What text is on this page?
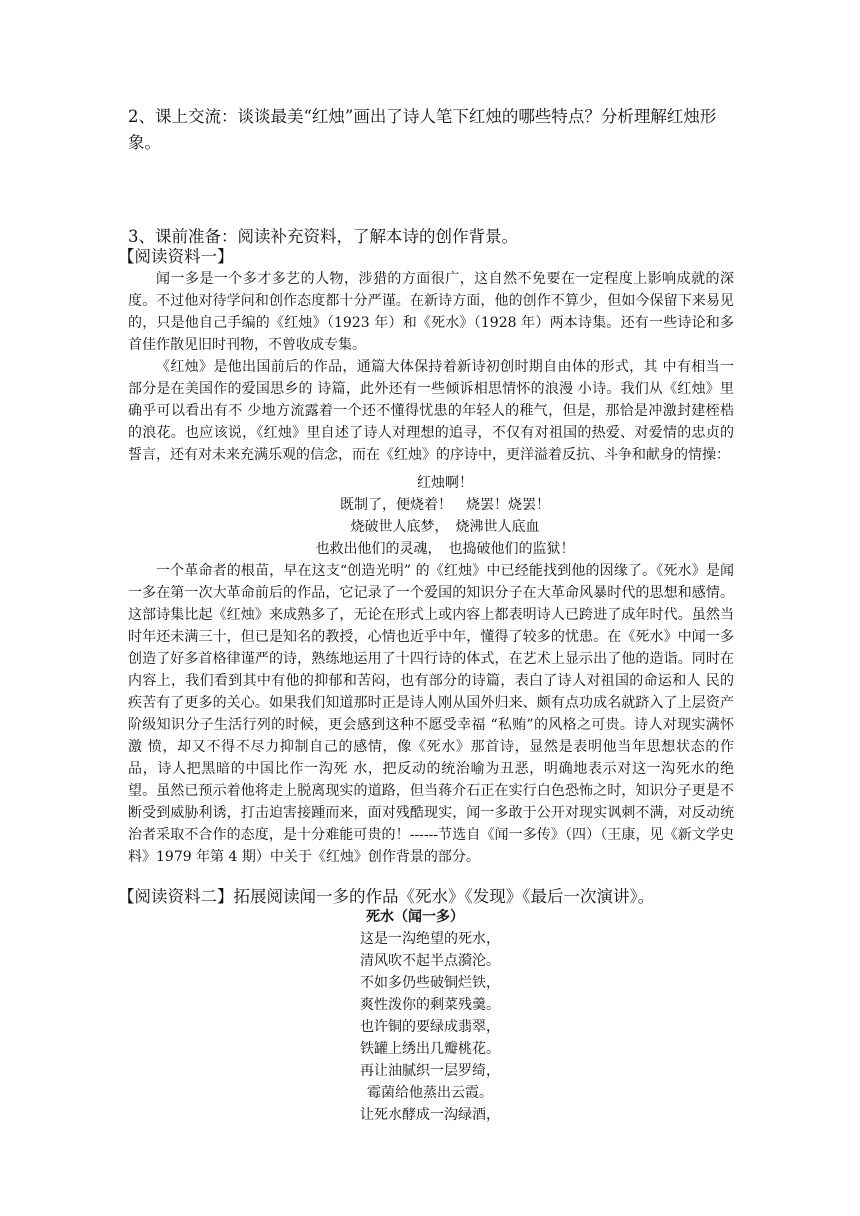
2、课上交流：谈谈最美“红烛”画出了诗人笔下红烛的哪些特点？分析理解红烛形象。
3、课前准备：阅读补充资料，了解本诗的创作背景。
【阅读资料一】

闻一多是一个多才多艺的人物，涉猎的方面很广，这自然不免要在一定程度上影响成就的深度。不过他对待学问和创作态度都十分严谨。在新诗方面，他的创作不算少，但如今保留下来易见的，只是他自己手编的《红烛》（1923 年）和《死水》（1928 年）两本诗集。还有一些诗论和多首佳作散见旧时刊物，不曾收成专集。

《红烛》是他出国前后的作品，通篇大体保持着新诗初创时期自由体的形式，其 中有相当一部分是在美国作的爱国思乡的 诗篇，此外还有一些倾诉相思情怀的浪漫 小诗。我们从《红烛》里确乎可以看出有不 少地方流露着一个还不懂得忧患的年轻人的稚气，但是，那恰是冲激封建桎梏的浪花。也应该说，《红烛》里自述了诗人对理想的追寻，不仅有对祖国的热爱、对爱情的忠贞的誓言，还有对未来充满乐观的信念，而在《红烛》的序诗中，更洋溢着反抗、斗争和献身的情操：

红烛啊！
既制了，便烧着！　烧罢！烧罢！
烧破世人底梦，　烧沸世人底血
也救出他们的灵魂，　也捣破他们的监狱！

一个革命者的根苗，早在这支“创造光明” 的《红烛》中已经能找到他的因缘了。《死水》是闻一多在第一次大革命前后的作品，它记录了一个爱国的知识分子在大革命风暴时代的思想和感情。这部诗集比起《红烛》来成熟多了，无论在形式上或内容上都表明诗人已跨进了成年时代。虽然当时年还未满三十，但已是知名的教授，心情也近乎中年，懂得了较多的忧患。在《死水》中闻一多创造了好多首格律谨严的诗，熟练地运用了十四行诗的体式，在艺术上显示出了他的造诣。同时在内容上，我们看到其中有他的抑郁和苦闷，也有部分的诗篇，表白了诗人对祖国的命运和人 民的疾苦有了更多的关心。如果我们知道那时正是诗人刚从国外归来、颇有点功成名就跻入了上层资产阶级知识分子生活行列的时候，更会感到这种不愿受幸福 “私贿”的风格之可贵。诗人对现实满怀激 愤，却又不得不尽力抑制自己的感情，像《死水》那首诗，显然是表明他当年思想状态的作品，诗人把黑暗的中国比作一沟死 水，把反动的统治喻为丑恶，明确地表示对这一沟死水的绝望。虽然已预示着他将走上脱离现实的道路，但当蒋介石正在实行白色恐怖之时，知识分子更是不断受到威胁利诱，打击迫害接踵而来，面对残酷现实，闻一多敢于公开对现实讽刺不满，对反动统治者采取不合作的态度，是十分难能可贵的！------节选自《闻一多传》（四）（王康，见《新文学史料》1979 年第 4 期）中关于《红烛》创作背景的部分。

【阅读资料二】拓展阅读闻一多的作品《死水》《发现》《最后一次演讲》。
死水（闻一多）
这是一沟绝望的死水，
清风吹不起半点漪沦。
不如多仍些破铜烂铁，
爽性泼你的剩菜残羹。
也许铜的要绿成翡翠，
铁罐上绣出几瓣桃花。
再让油腻织一层罗绮，
霉菌给他蒸出云霞。
让死水酵成一沟绿酒，
